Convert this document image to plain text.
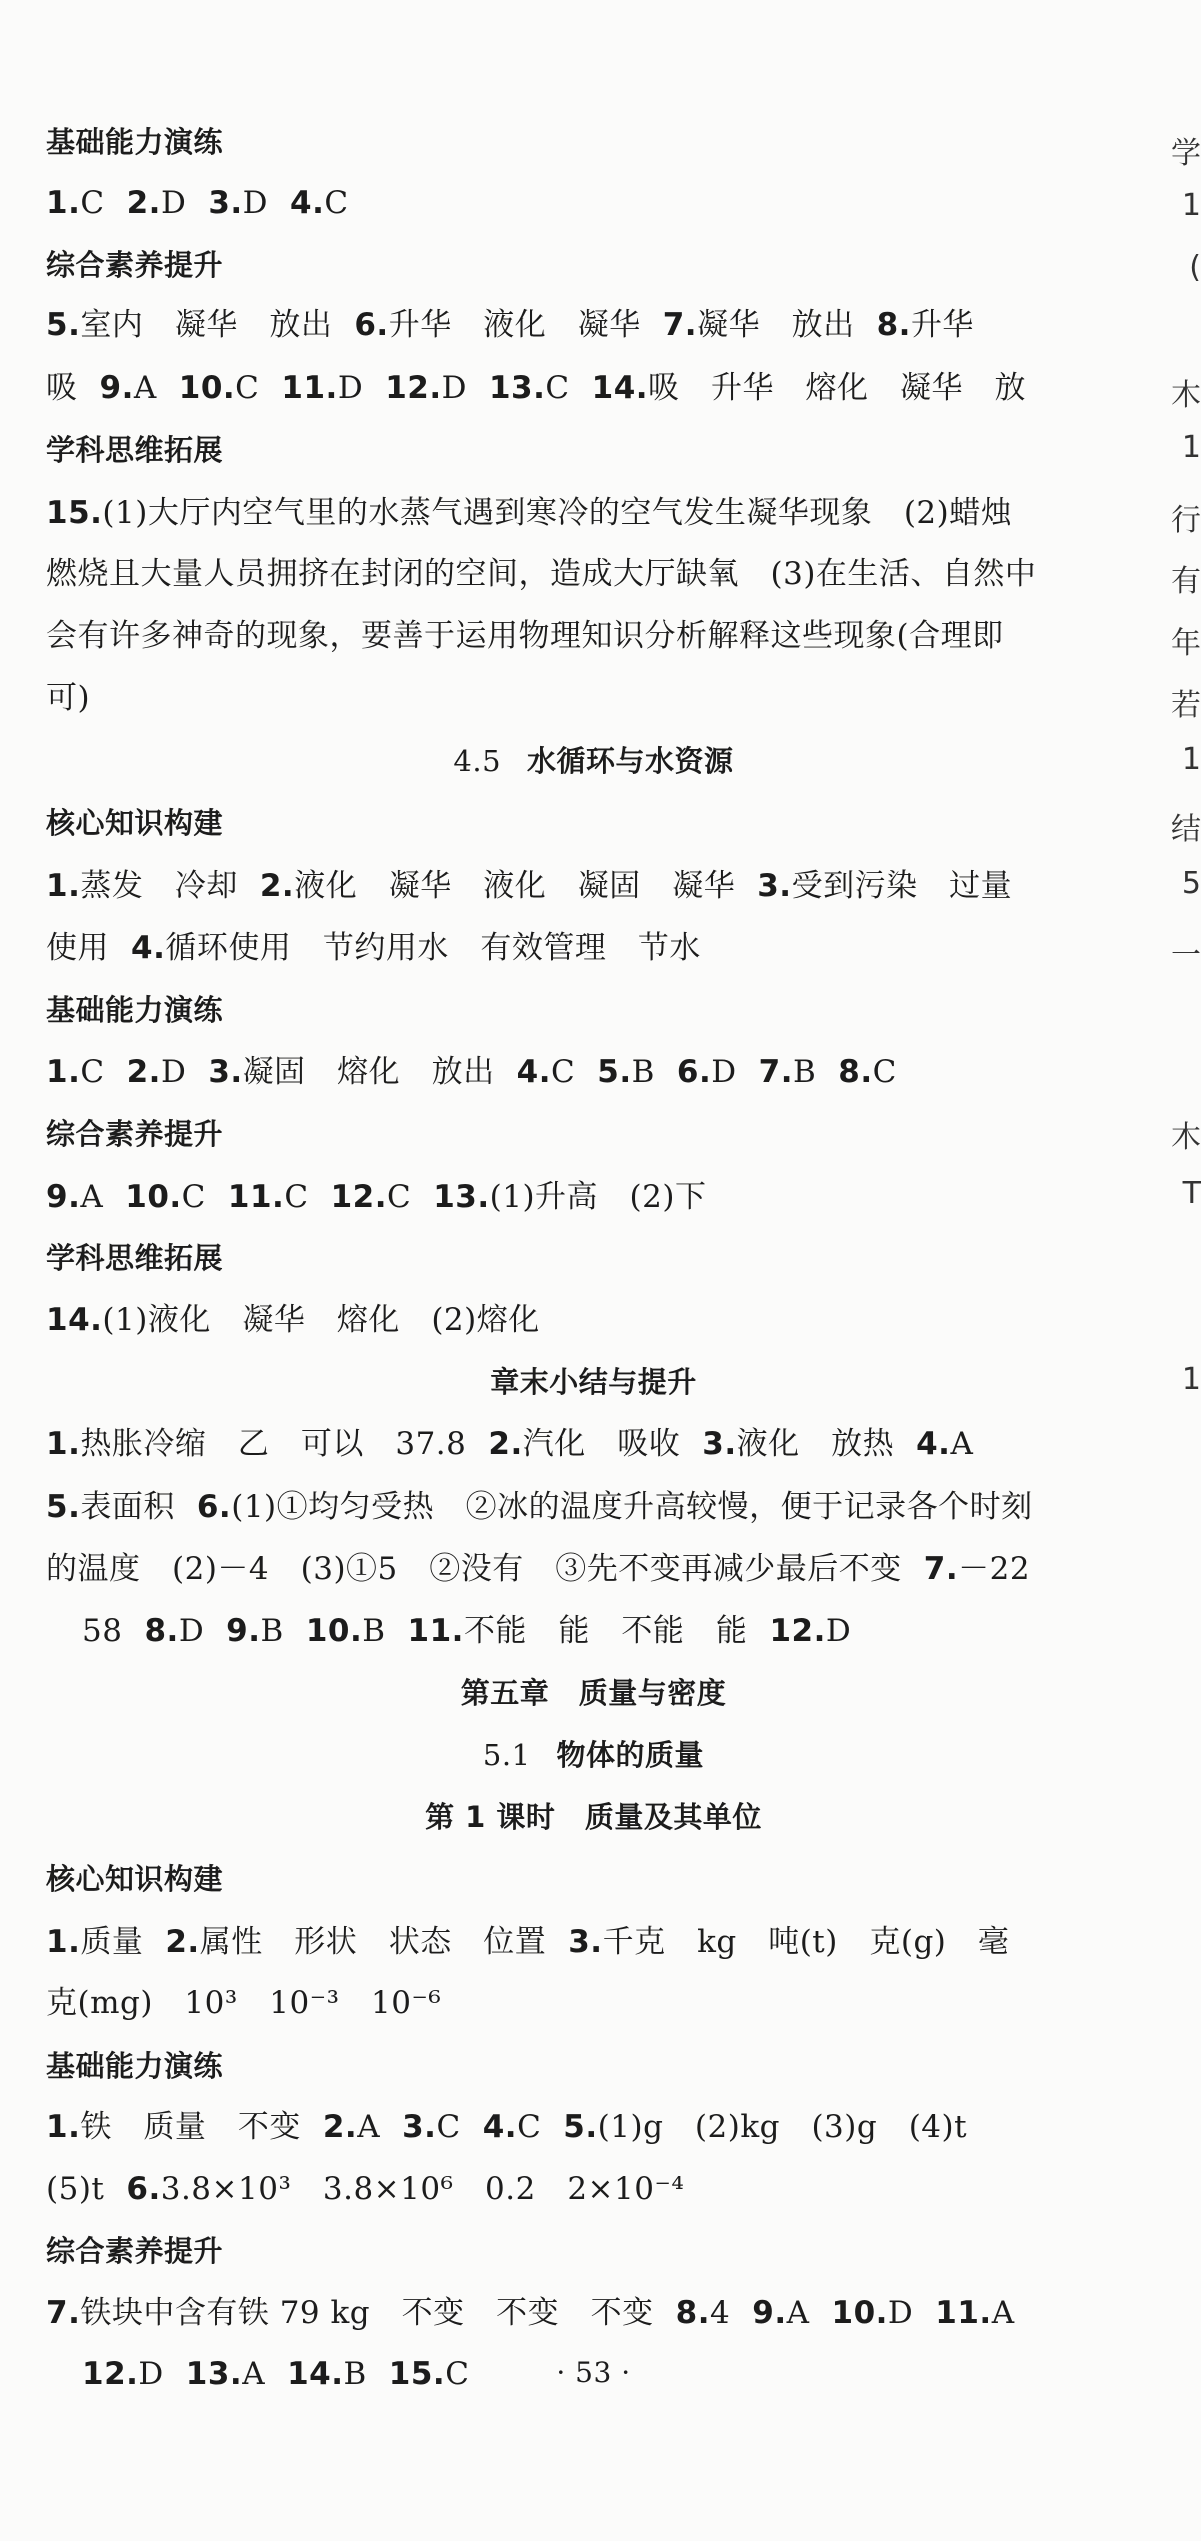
基础能力演练
1.C 2.D 3.D 4.C
综合素养提升
5.室内　凝华　放出 6.升华　液化　凝华 7.凝华　放出 8.升华
吸 9.A 10.C 11.D 12.D 13.C 14.吸　升华　熔化　凝华　放
学科思维拓展
15.(1)大厅内空气里的水蒸气遇到寒冷的空气发生凝华现象　(2)蜡烛
燃烧且大量人员拥挤在封闭的空间，造成大厅缺氧　(3)在生活、自然中
会有许多神奇的现象，要善于运用物理知识分析解释这些现象(合理即
可)
4.5 水循环与水资源
核心知识构建
1.蒸发　冷却 2.液化　凝华　液化　凝固　凝华 3.受到污染　过量
使用 4.循环使用　节约用水　有效管理　节水
基础能力演练
1.C 2.D 3.凝固　熔化　放出 4.C 5.B 6.D 7.B 8.C
综合素养提升
9.A 10.C 11.C 12.C 13.(1)升高　(2)下
学科思维拓展
14.(1)液化　凝华　熔化　(2)熔化
章末小结与提升
1.热胀冷缩　乙　可以　37.8 2.汽化　吸收 3.液化　放热 4.A
5.表面积 6.(1)①均匀受热　②冰的温度升高较慢，便于记录各个时刻
的温度　(2)－4　(3)①5　②没有　③先不变再减少最后不变 7.－22
58 8.D 9.B 10.B 11.不能　能　不能　能 12.D
第五章　质量与密度
5.1 物体的质量
第 1 课时　质量及其单位
核心知识构建
1.质量 2.属性　形状　状态　位置 3.千克　kg　吨(t)　克(g)　毫
克(mg)　10³　10⁻³　10⁻⁶
基础能力演练
1.铁　质量　不变 2.A 3.C 4.C 5.(1)g　(2)kg　(3)g　(4)t
(5)t 6.3.8×10³　3.8×10⁶　0.2　2×10⁻⁴
综合素养提升
7.铁块中含有铁 79 kg　不变　不变　不变 8.4 9.A 10.D 11.A
12.D 13.A 14.B 15.C	· 53 ·
学
1
(
木
1
行
有
年
若
1
结
5
一
木
T
1
